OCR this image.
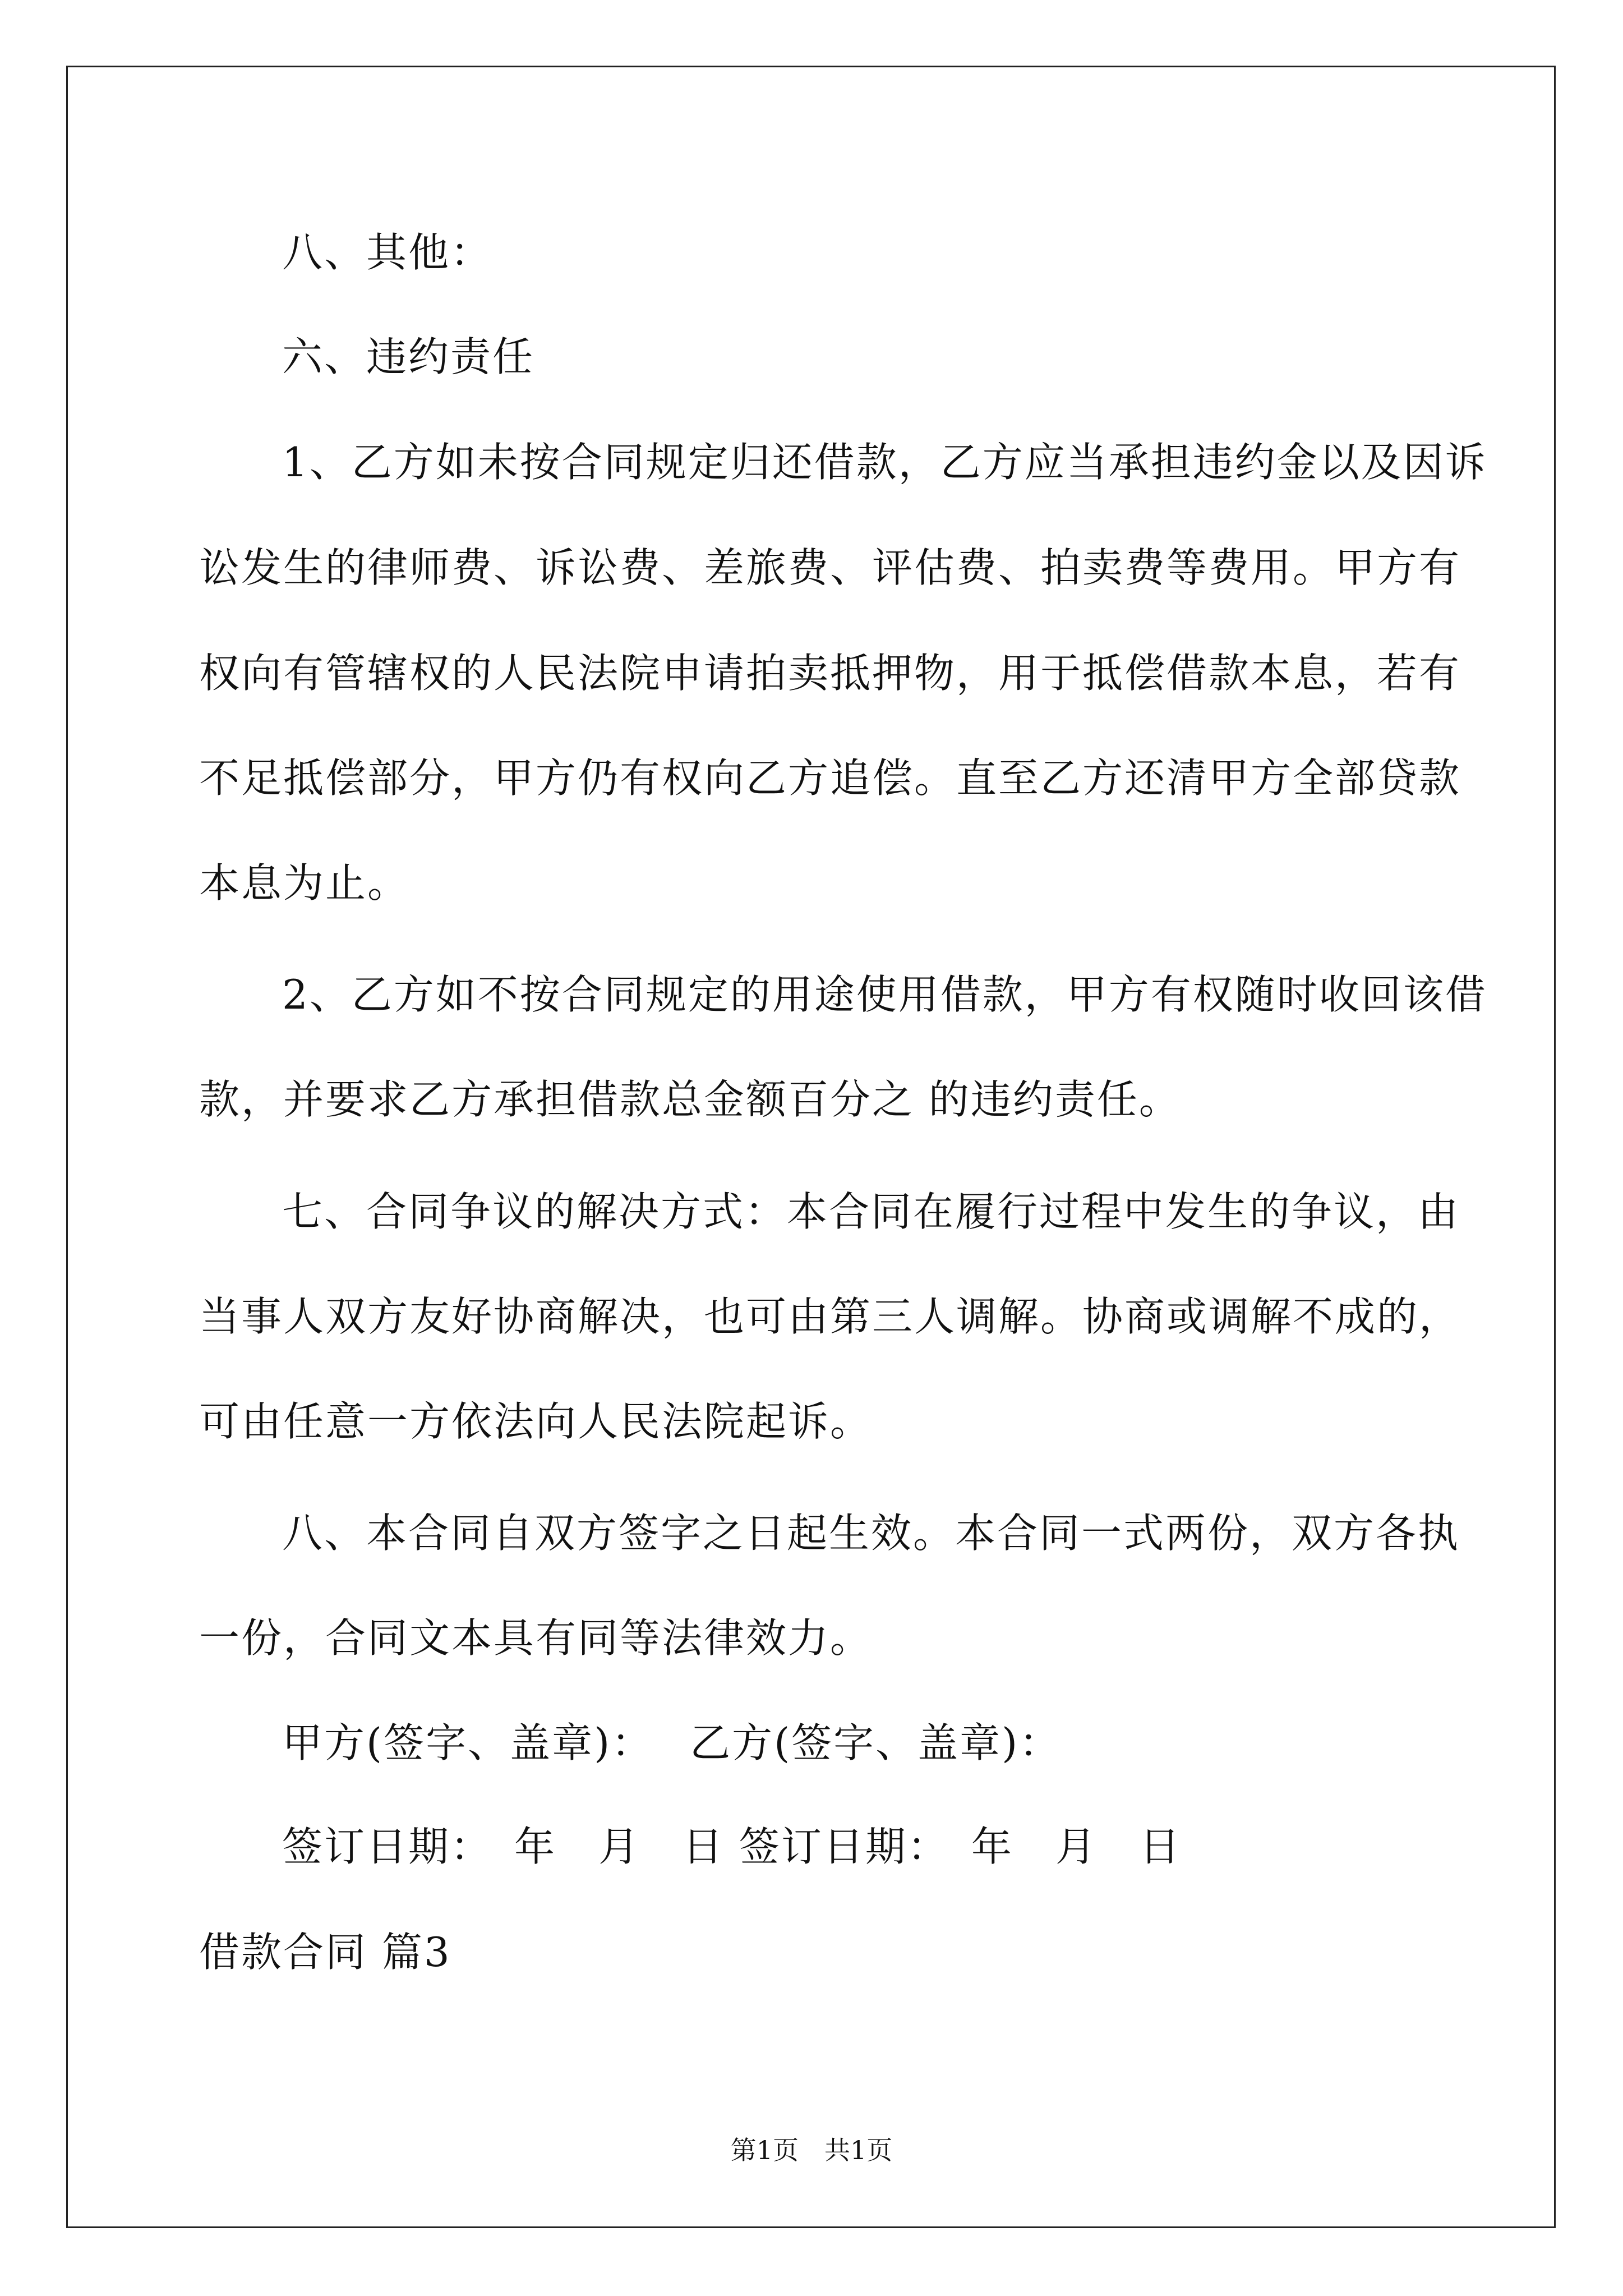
八、其他：
六、违约责任
1、乙方如未按合同规定归还借款，乙方应当承担违约金以及因诉
讼发生的律师费、诉讼费、差旅费、评估费、拍卖费等费用。甲方有
权向有管辖权的人民法院申请拍卖抵押物，用于抵偿借款本息，若有
不足抵偿部分，甲方仍有权向乙方追偿。直至乙方还清甲方全部贷款
本息为止。
2、乙方如不按合同规定的用途使用借款，甲方有权随时收回该借
款，并要求乙方承担借款总金额百分之 的违约责任。
七、合同争议的解决方式：本合同在履行过程中发生的争议，由
当事人双方友好协商解决，也可由第三人调解。协商或调解不成的，
可由任意一方依法向人民法院起诉。
八、本合同自双方签字之日起生效。本合同一式两份，双方各执
一份，合同文本具有同等法律效力。
甲方(签字、盖章)：　 乙方(签字、盖章)：
签订日期：　年　月　日 签订日期：　年　月　日
借款合同 篇3
第1页　共1页
